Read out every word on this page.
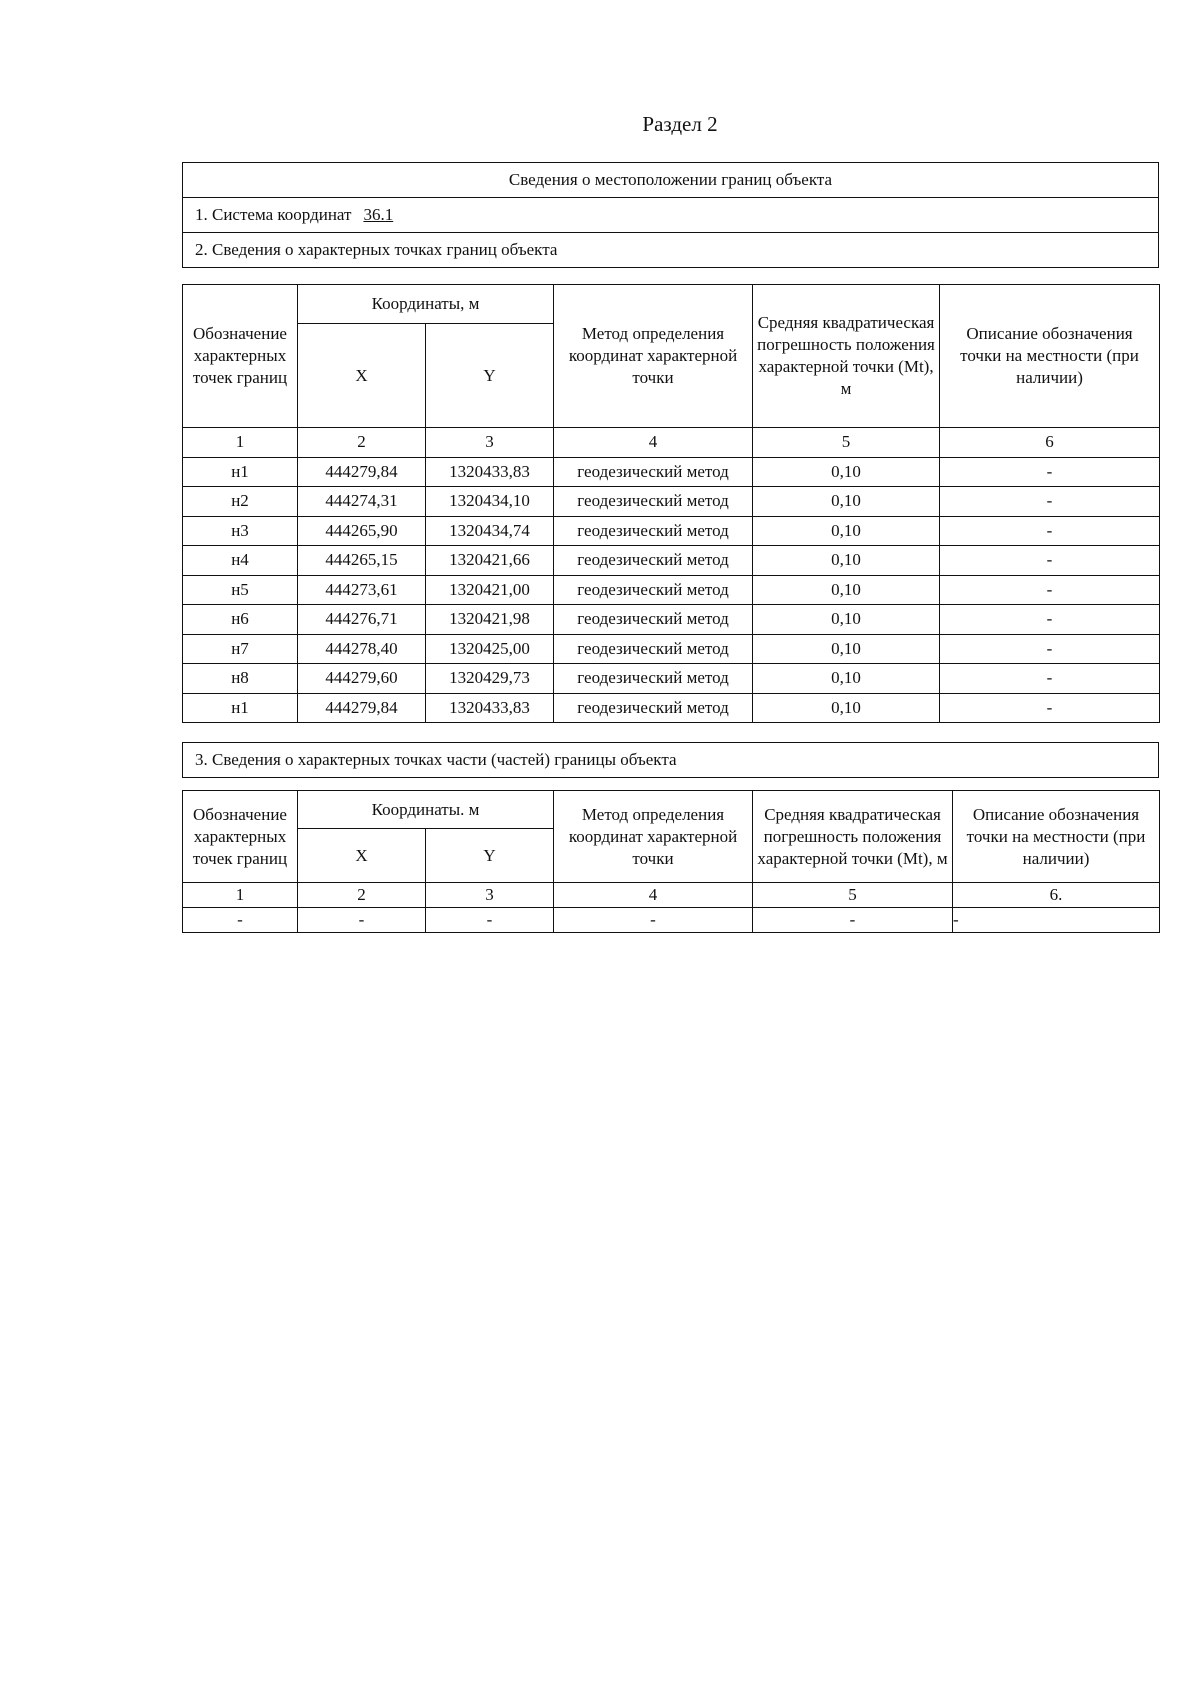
Раздел 2
Сведения о местоположении границ объекта
1. Система координат 36.1
2. Сведения о характерных точках границ объекта
Обозначение характерных точек границ	Координаты, м		Метод определения координат характерной точки	Средняя квадратическая погрешность положения характерной точки (Mt), м	Описание обозначения точки на местности (при наличии)
	X	Y			
1	2	3	4	5	6
н1	444279,84	1320433,83	геодезический метод	0,10	-
н2	444274,31	1320434,10	геодезический метод	0,10	-
н3	444265,90	1320434,74	геодезический метод	0,10	-
н4	444265,15	1320421,66	геодезический метод	0,10	-
н5	444273,61	1320421,00	геодезический метод	0,10	-
н6	444276,71	1320421,98	геодезический метод	0,10	-
н7	444278,40	1320425,00	геодезический метод	0,10	-
н8	444279,60	1320429,73	геодезический метод	0,10	-
н1	444279,84	1320433,83	геодезический метод	0,10	-
3. Сведения о характерных точках части (частей) границы объекта
Обозначение характерных точек границ	Координаты. м		Метод определения координат характерной точки	Средняя квадратическая погрешность положения характерной точки (Mt), м	Описание обозначения точки на местности (при наличии)
	X	Y			
1	2	3	4	5	6.
-	-	-	-	-	-
